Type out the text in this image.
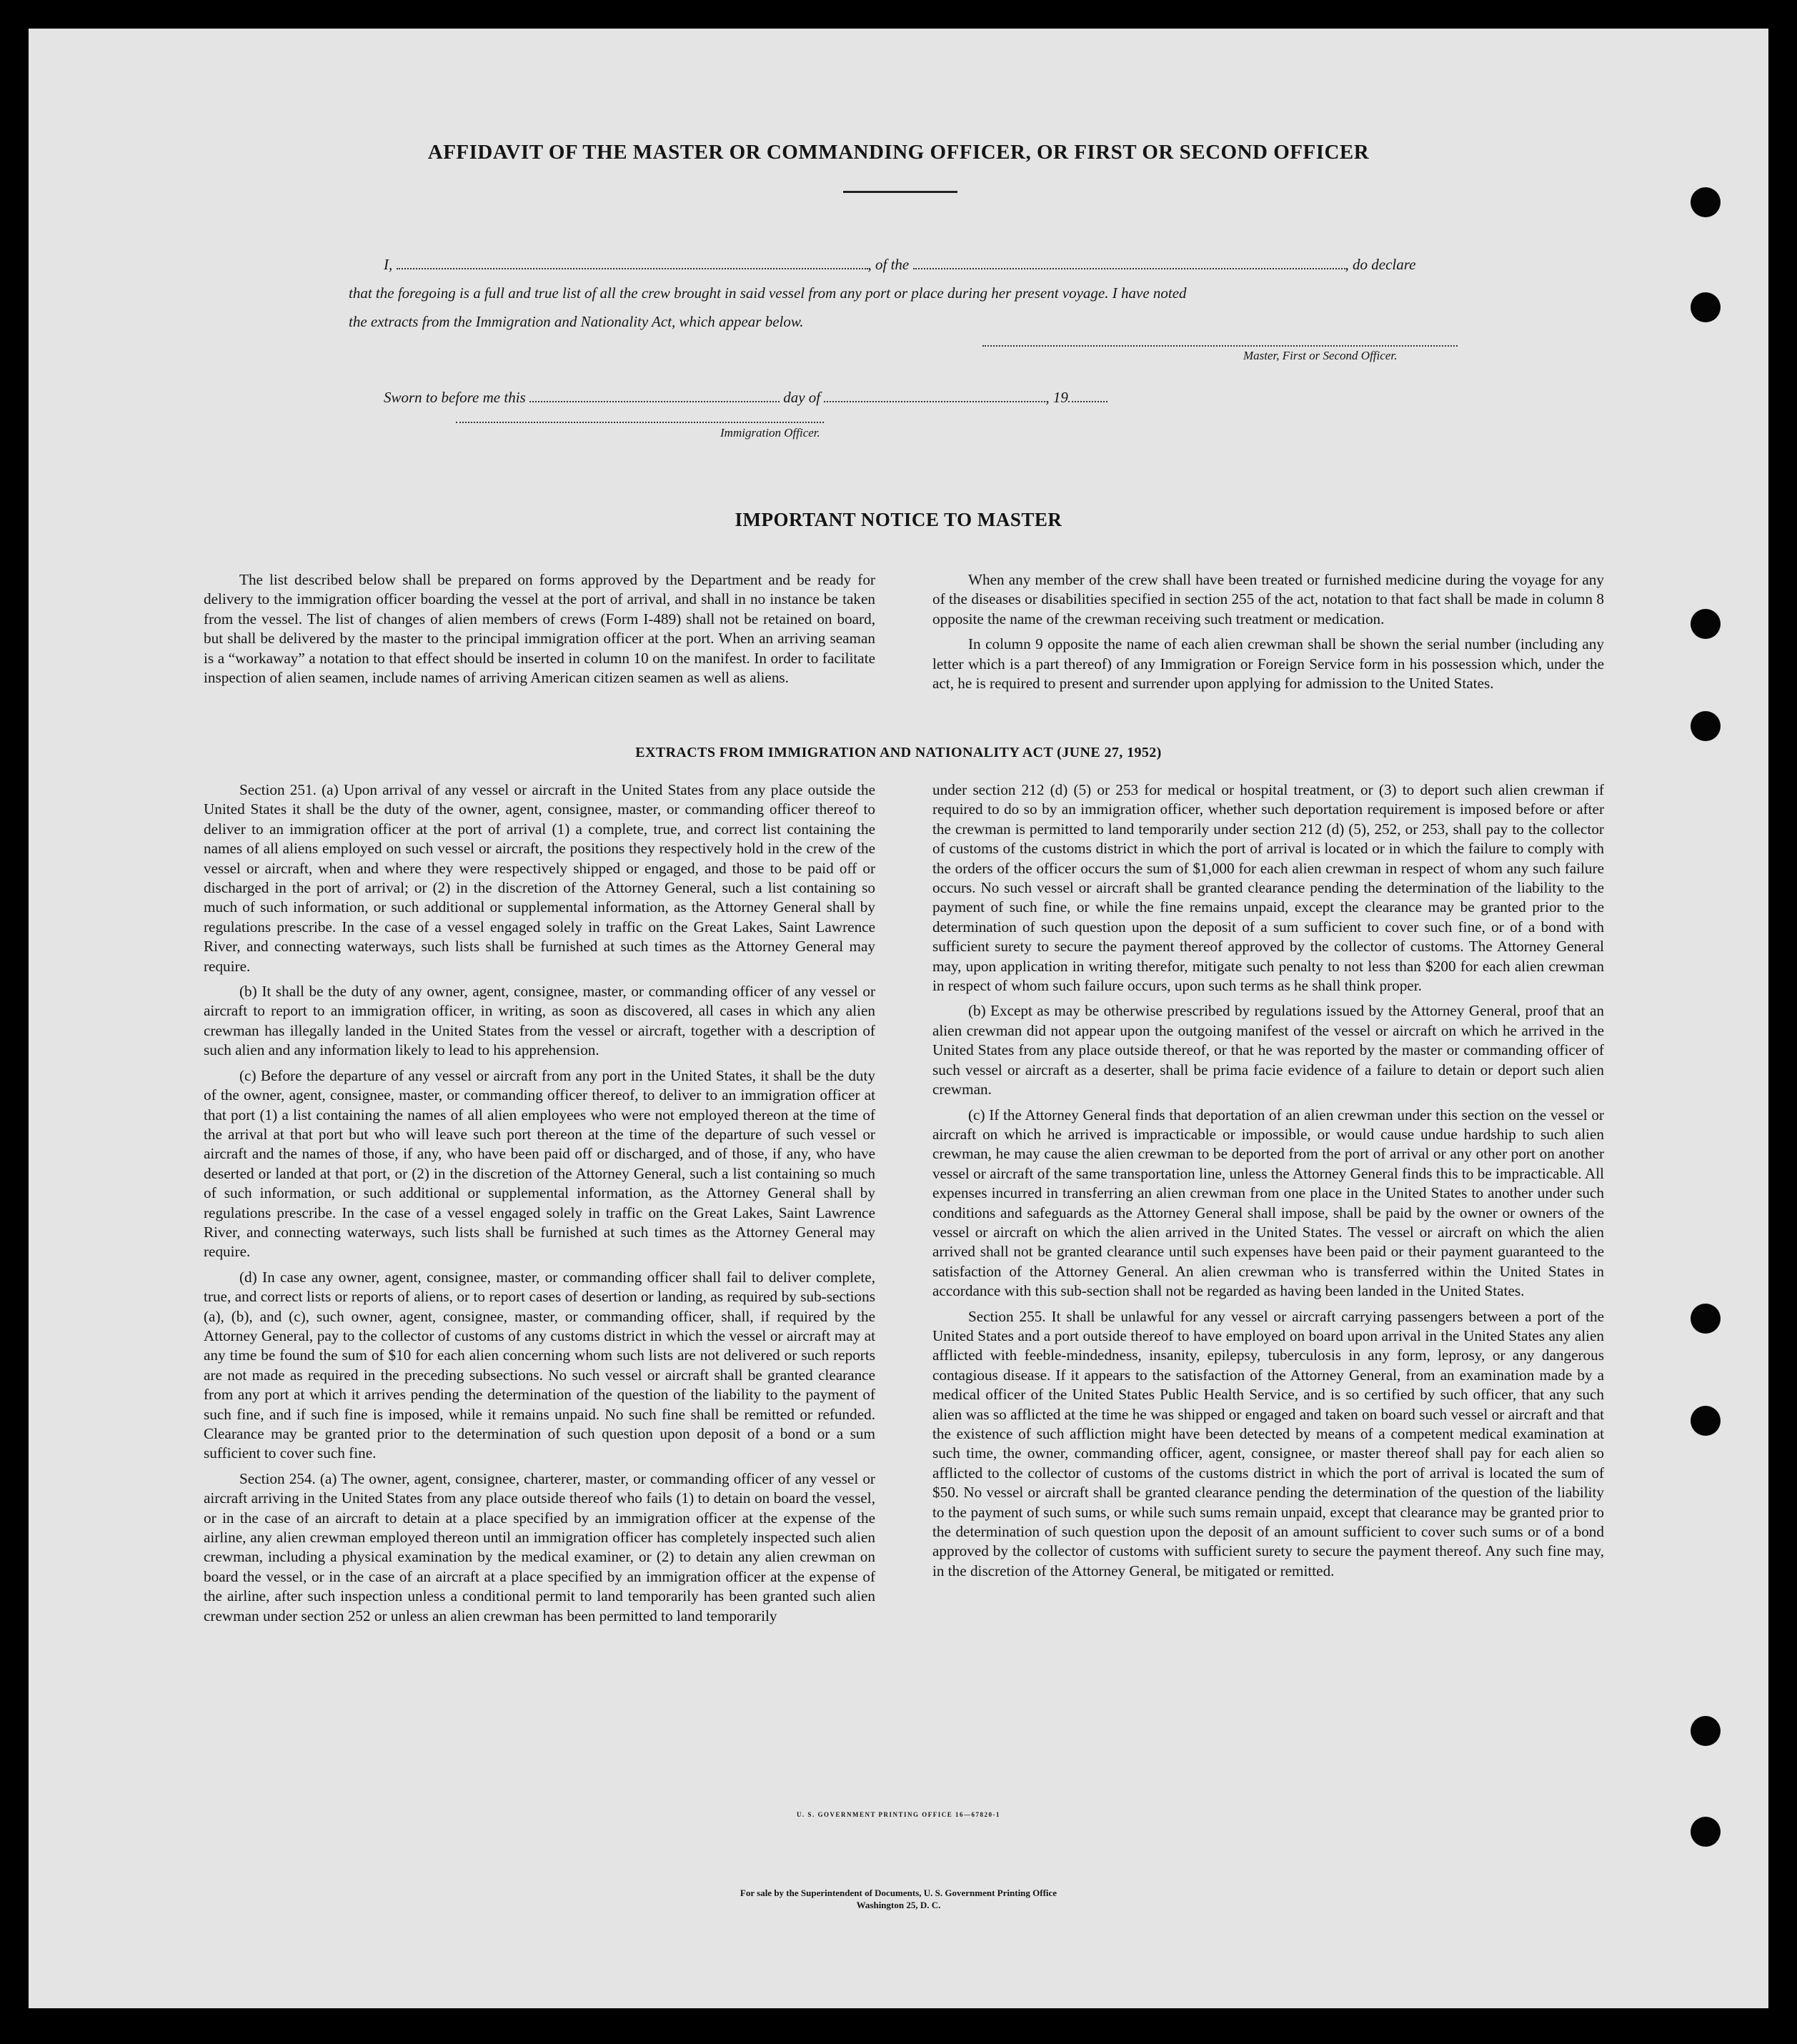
AFFIDAVIT OF THE MASTER OR COMMANDING OFFICER, OR FIRST OR SECOND OFFICER
I,	, of the	, do declare
that the foregoing is a full and true list of all the crew brought in said vessel from any port or place during her present voyage. I have noted
the extracts from the Immigration and Nationality Act, which appear below.
Master, First or Second Officer.
Sworn to before me this	day of	, 19
Immigration Officer.
IMPORTANT NOTICE TO MASTER

The list described below shall be prepared on forms approved by the Department and be ready for delivery to the immigration officer boarding the vessel at the port of arrival, and shall in no instance be taken from the vessel. The list of changes of alien members of crews (Form I-489) shall not be retained on board, but shall be delivered by the master to the principal immigration officer at the port. When an arriving seaman is a “workaway” a notation to that effect should be inserted in column 10 on the manifest. In order to facilitate inspection of alien seamen, include names of arriving American citizen seamen as well as aliens.

When any member of the crew shall have been treated or furnished medicine during the voyage for any of the diseases or disabilities specified in section 255 of the act, notation to that fact shall be made in column 8 opposite the name of the crewman receiving such treatment or medication.

In column 9 opposite the name of each alien crewman shall be shown the serial number (including any letter which is a part thereof) of any Immigration or Foreign Service form in his possession which, under the act, he is required to present and surrender upon applying for admission to the United States.

EXTRACTS FROM IMMIGRATION AND NATIONALITY ACT (JUNE 27, 1952)

Section 251. (a) Upon arrival of any vessel or aircraft in the United States from any place outside the United States it shall be the duty of the owner, agent, consignee, master, or commanding officer thereof to deliver to an immigration officer at the port of arrival (1) a complete, true, and correct list containing the names of all aliens employed on such vessel or aircraft, the positions they respectively hold in the crew of the vessel or aircraft, when and where they were respectively shipped or engaged, and those to be paid off or discharged in the port of arrival; or (2) in the discretion of the Attorney General, such a list containing so much of such information, or such additional or supplemental information, as the Attorney General shall by regulations prescribe. In the case of a vessel engaged solely in traffic on the Great Lakes, Saint Lawrence River, and connecting waterways, such lists shall be furnished at such times as the Attorney General may require.

(b) It shall be the duty of any owner, agent, consignee, master, or commanding officer of any vessel or aircraft to report to an immigration officer, in writing, as soon as discovered, all cases in which any alien crewman has illegally landed in the United States from the vessel or aircraft, together with a description of such alien and any information likely to lead to his apprehension.

(c) Before the departure of any vessel or aircraft from any port in the United States, it shall be the duty of the owner, agent, consignee, master, or commanding officer thereof, to deliver to an immigration officer at that port (1) a list containing the names of all alien employees who were not employed thereon at the time of the arrival at that port but who will leave such port thereon at the time of the departure of such vessel or aircraft and the names of those, if any, who have been paid off or discharged, and of those, if any, who have deserted or landed at that port, or (2) in the discretion of the Attorney General, such a list containing so much of such information, or such additional or supplemental information, as the Attorney General shall by regulations prescribe. In the case of a vessel engaged solely in traffic on the Great Lakes, Saint Lawrence River, and connecting waterways, such lists shall be furnished at such times as the Attorney General may require.

(d) In case any owner, agent, consignee, master, or commanding officer shall fail to deliver complete, true, and correct lists or reports of aliens, or to report cases of desertion or landing, as required by sub-sections (a), (b), and (c), such owner, agent, consignee, master, or commanding officer, shall, if required by the Attorney General, pay to the collector of customs of any customs district in which the vessel or aircraft may at any time be found the sum of $10 for each alien concerning whom such lists are not delivered or such reports are not made as required in the preceding subsections. No such vessel or aircraft shall be granted clearance from any port at which it arrives pending the determination of the question of the liability to the payment of such fine, and if such fine is imposed, while it remains unpaid. No such fine shall be remitted or refunded. Clearance may be granted prior to the determination of such question upon deposit of a bond or a sum sufficient to cover such fine.

Section 254. (a) The owner, agent, consignee, charterer, master, or commanding officer of any vessel or aircraft arriving in the United States from any place outside thereof who fails (1) to detain on board the vessel, or in the case of an aircraft to detain at a place specified by an immigration officer at the expense of the airline, any alien crewman employed thereon until an immigration officer has completely inspected such alien crewman, including a physical examination by the medical examiner, or (2) to detain any alien crewman on board the vessel, or in the case of an aircraft at a place specified by an immigration officer at the expense of the airline, after such inspection unless a conditional permit to land temporarily has been granted such alien crewman under section 252 or unless an alien crewman has been permitted to land temporarily

under section 212 (d) (5) or 253 for medical or hospital treatment, or (3) to deport such alien crewman if required to do so by an immigration officer, whether such deportation requirement is imposed before or after the crewman is permitted to land temporarily under section 212 (d) (5), 252, or 253, shall pay to the collector of customs of the customs district in which the port of arrival is located or in which the failure to comply with the orders of the officer occurs the sum of $1,000 for each alien crewman in respect of whom any such failure occurs. No such vessel or aircraft shall be granted clearance pending the determination of the liability to the payment of such fine, or while the fine remains unpaid, except the clearance may be granted prior to the determination of such question upon the deposit of a sum sufficient to cover such fine, or of a bond with sufficient surety to secure the payment thereof approved by the collector of customs. The Attorney General may, upon application in writing therefor, mitigate such penalty to not less than $200 for each alien crewman in respect of whom such failure occurs, upon such terms as he shall think proper.

(b) Except as may be otherwise prescribed by regulations issued by the Attorney General, proof that an alien crewman did not appear upon the outgoing manifest of the vessel or aircraft on which he arrived in the United States from any place outside thereof, or that he was reported by the master or commanding officer of such vessel or aircraft as a deserter, shall be prima facie evidence of a failure to detain or deport such alien crewman.

(c) If the Attorney General finds that deportation of an alien crewman under this section on the vessel or aircraft on which he arrived is impracticable or impossible, or would cause undue hardship to such alien crewman, he may cause the alien crewman to be deported from the port of arrival or any other port on another vessel or aircraft of the same transportation line, unless the Attorney General finds this to be impracticable. All expenses incurred in transferring an alien crewman from one place in the United States to another under such conditions and safeguards as the Attorney General shall impose, shall be paid by the owner or owners of the vessel or aircraft on which the alien arrived in the United States. The vessel or aircraft on which the alien arrived shall not be granted clearance until such expenses have been paid or their payment guaranteed to the satisfaction of the Attorney General. An alien crewman who is transferred within the United States in accordance with this sub-section shall not be regarded as having been landed in the United States.

Section 255. It shall be unlawful for any vessel or aircraft carrying passengers between a port of the United States and a port outside thereof to have employed on board upon arrival in the United States any alien afflicted with feeble-mindedness, insanity, epilepsy, tuberculosis in any form, leprosy, or any dangerous contagious disease. If it appears to the satisfaction of the Attorney General, from an examination made by a medical officer of the United States Public Health Service, and is so certified by such officer, that any such alien was so afflicted at the time he was shipped or engaged and taken on board such vessel or aircraft and that the existence of such affliction might have been detected by means of a competent medical examination at such time, the owner, commanding officer, agent, consignee, or master thereof shall pay for each alien so afflicted to the collector of customs of the customs district in which the port of arrival is located the sum of $50. No vessel or aircraft shall be granted clearance pending the determination of the question of the liability to the payment of such sums, or while such sums remain unpaid, except that clearance may be granted prior to the determination of such question upon the deposit of an amount sufficient to cover such sums or of a bond approved by the collector of customs with sufficient surety to secure the payment thereof. Any such fine may, in the discretion of the Attorney General, be mitigated or remitted.

U. S. GOVERNMENT PRINTING OFFICE 16—67820-1
For sale by the Superintendent of Documents, U. S. Government Printing Office
Washington 25, D. C.
